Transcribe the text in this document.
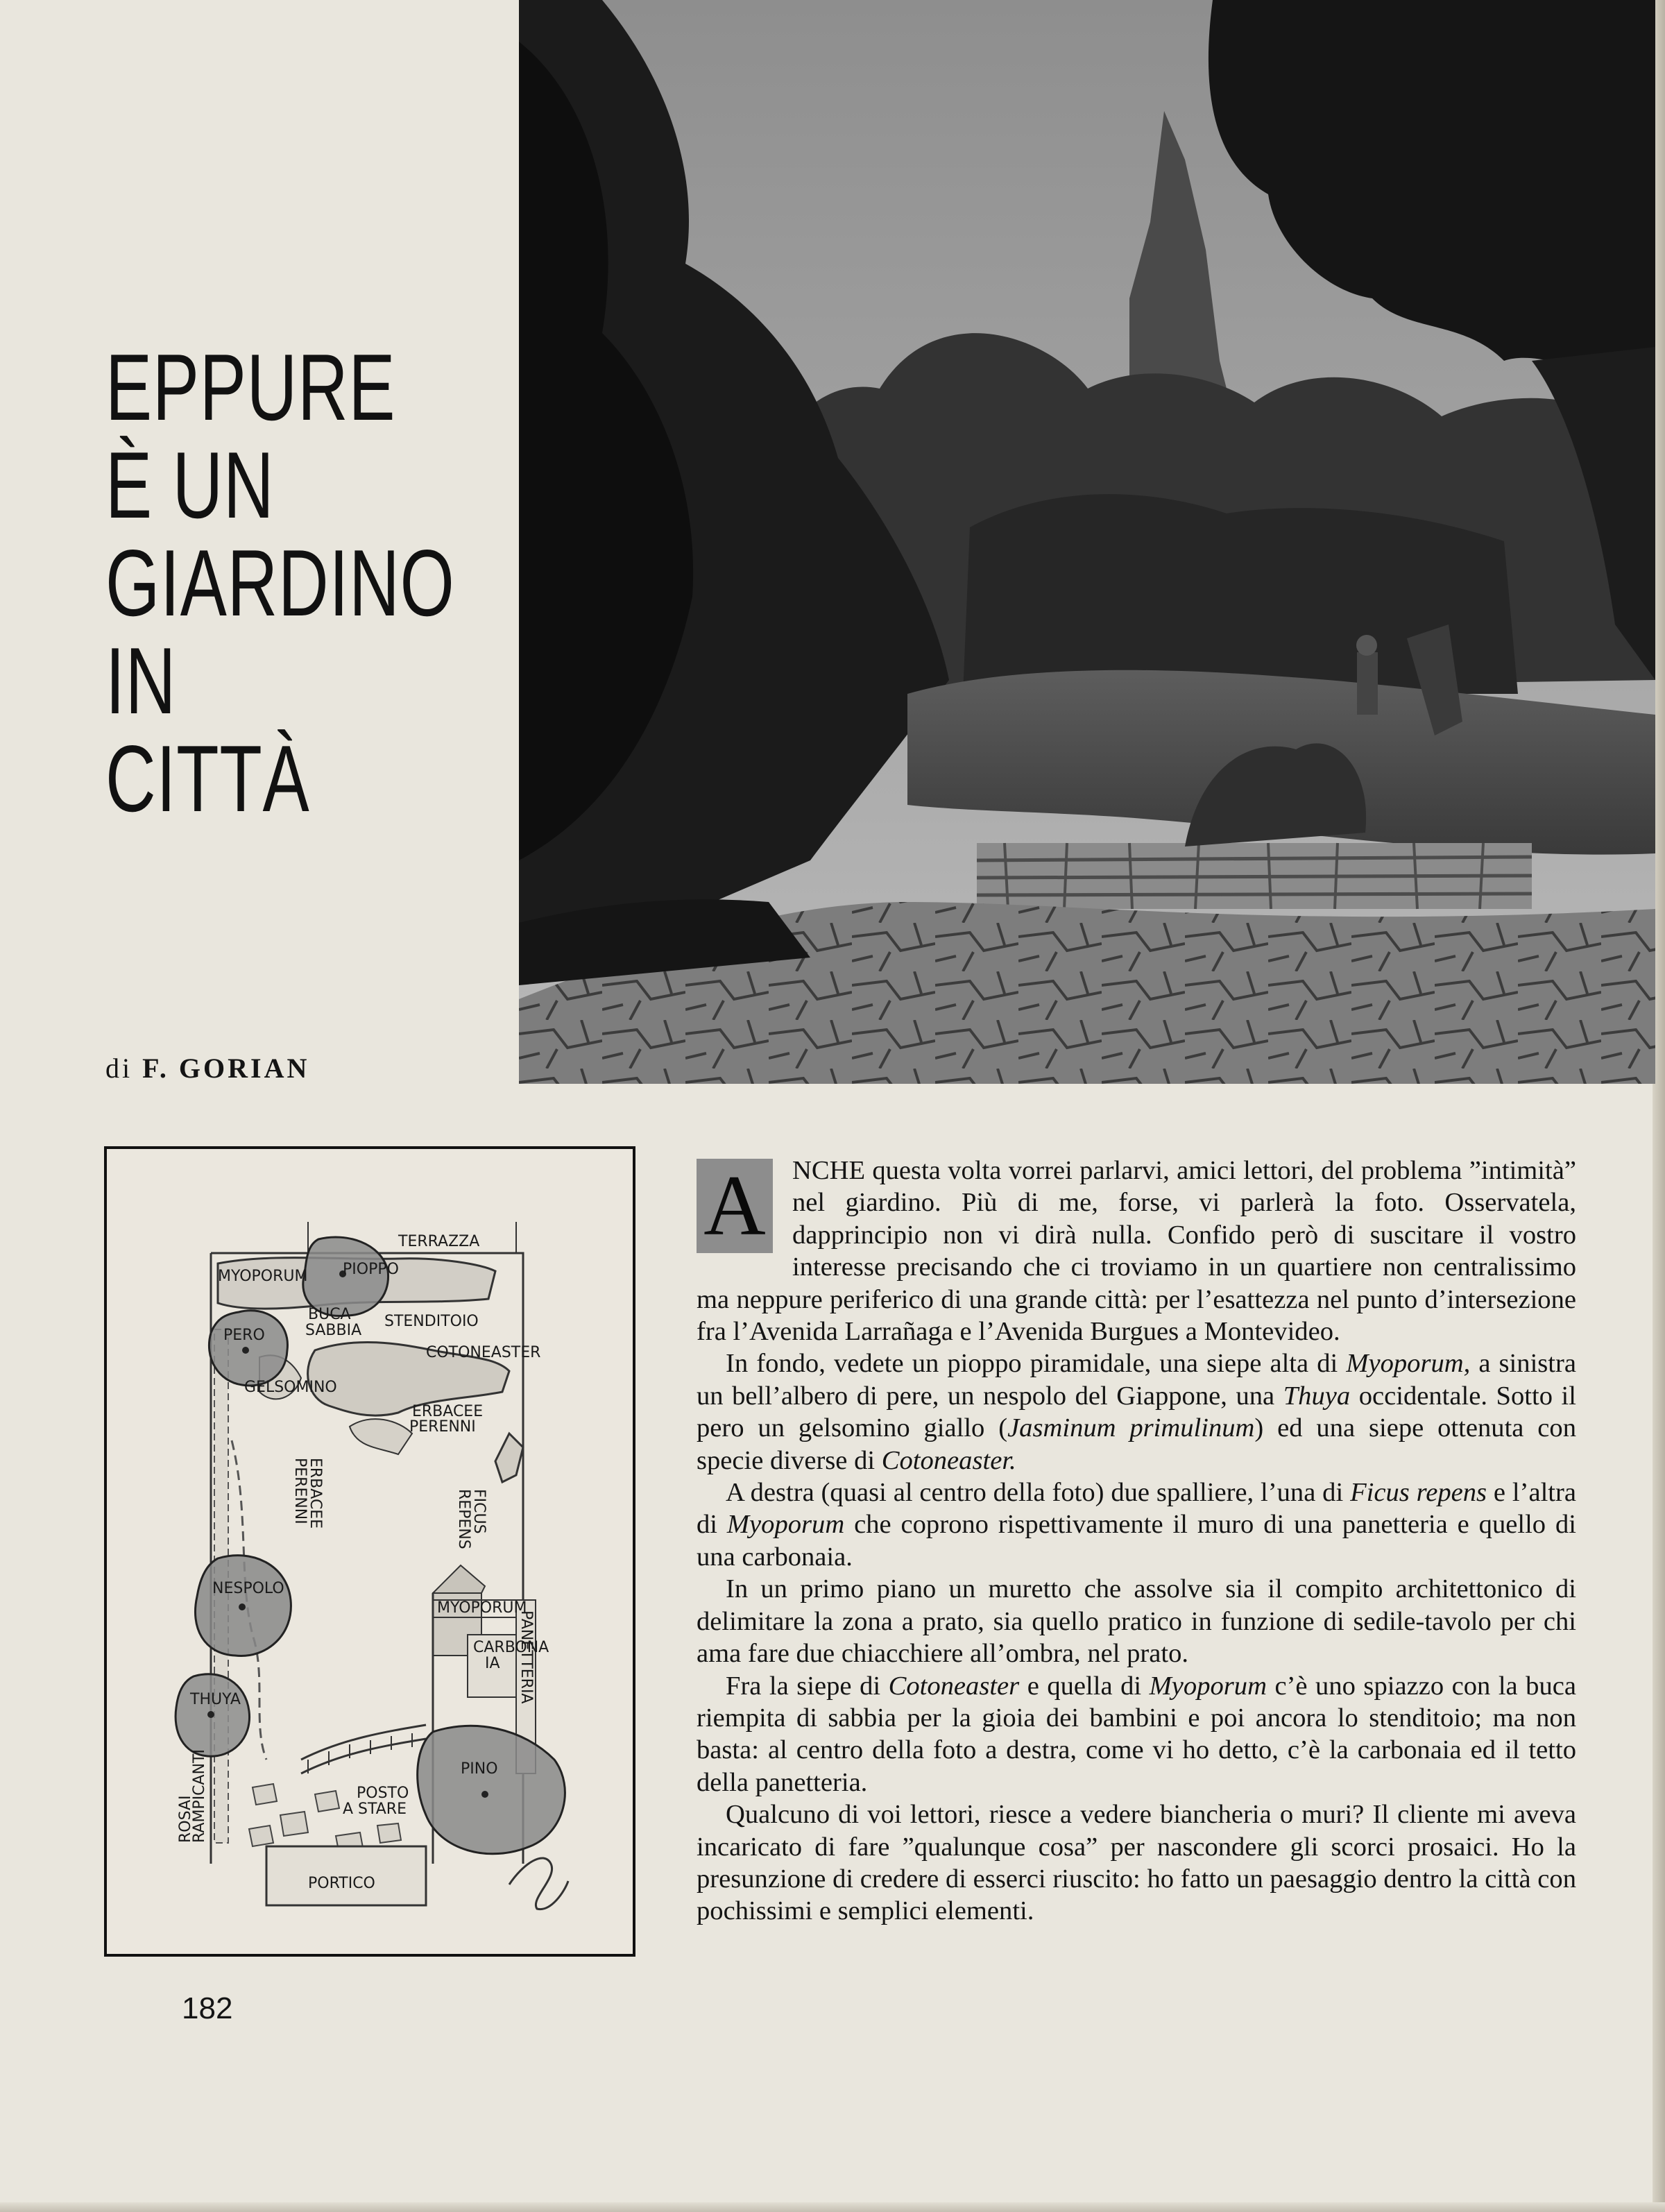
EPPURE
È UN
GIARDINO
IN
CITTÀ
di F. GORIAN
TERRAZZA
MYOPORUM PIOPPO
BUCA
SABBIA
STENDITOIO
PERO
COTONEASTER
GELSOMINO
ERBACEE
PERENNI
ERBACEE
PERENNI	FICUS
REPENS
NESPOLO
MYOPORUM
CARBONA
IA PANETTERIA
THUYA
PINO
POSTO
A STARE
ROSAI
RAMPICANTI
PORTICO
A NCHE questa volta vorrei parlarvi, amici lettori, del problema ”intimità” nel giardino. Più di me, forse, vi parlerà la foto. Osservatela, dapprincipio non vi dirà nulla. Confido però di suscitare il vostro interesse precisando che ci troviamo in un quartiere non centralissimo ma neppure periferico di una grande città: per l’esattezza nel punto d’intersezione fra l’Avenida Larrañaga e l’Avenida Burgues a Montevideo.

In fondo, vedete un pioppo piramidale, una siepe alta di Myoporum, a sinistra un bell’albero di pere, un nespolo del Giappone, una Thuya occidentale. Sotto il pero un gelsomino giallo (Jasminum primulinum) ed una siepe ottenuta con specie diverse di Cotoneaster.

A destra (quasi al centro della foto) due spalliere, l’una di Ficus repens e l’altra di Myoporum che coprono rispettivamente il muro di una panetteria e quello di una carbonaia.

In un primo piano un muretto che assolve sia il compito architettonico di delimitare la zona a prato, sia quello pratico in funzione di sedile-tavolo per chi ama fare due chiacchiere all’ombra, nel prato.

Fra la siepe di Cotoneaster e quella di Myoporum c’è uno spiazzo con la buca riempita di sabbia per la gioia dei bambini e poi ancora lo stenditoio; ma non basta: al centro della foto a destra, come vi ho detto, c’è la carbonaia ed il tetto della panetteria.

Qualcuno di voi lettori, riesce a vedere biancheria o muri? Il cliente mi aveva incaricato di fare ”qualunque cosa” per nascondere gli scorci prosaici. Ho la presunzione di credere di esserci riuscito: ho fatto un paesaggio dentro la città con pochissimi e semplici elementi.

182
